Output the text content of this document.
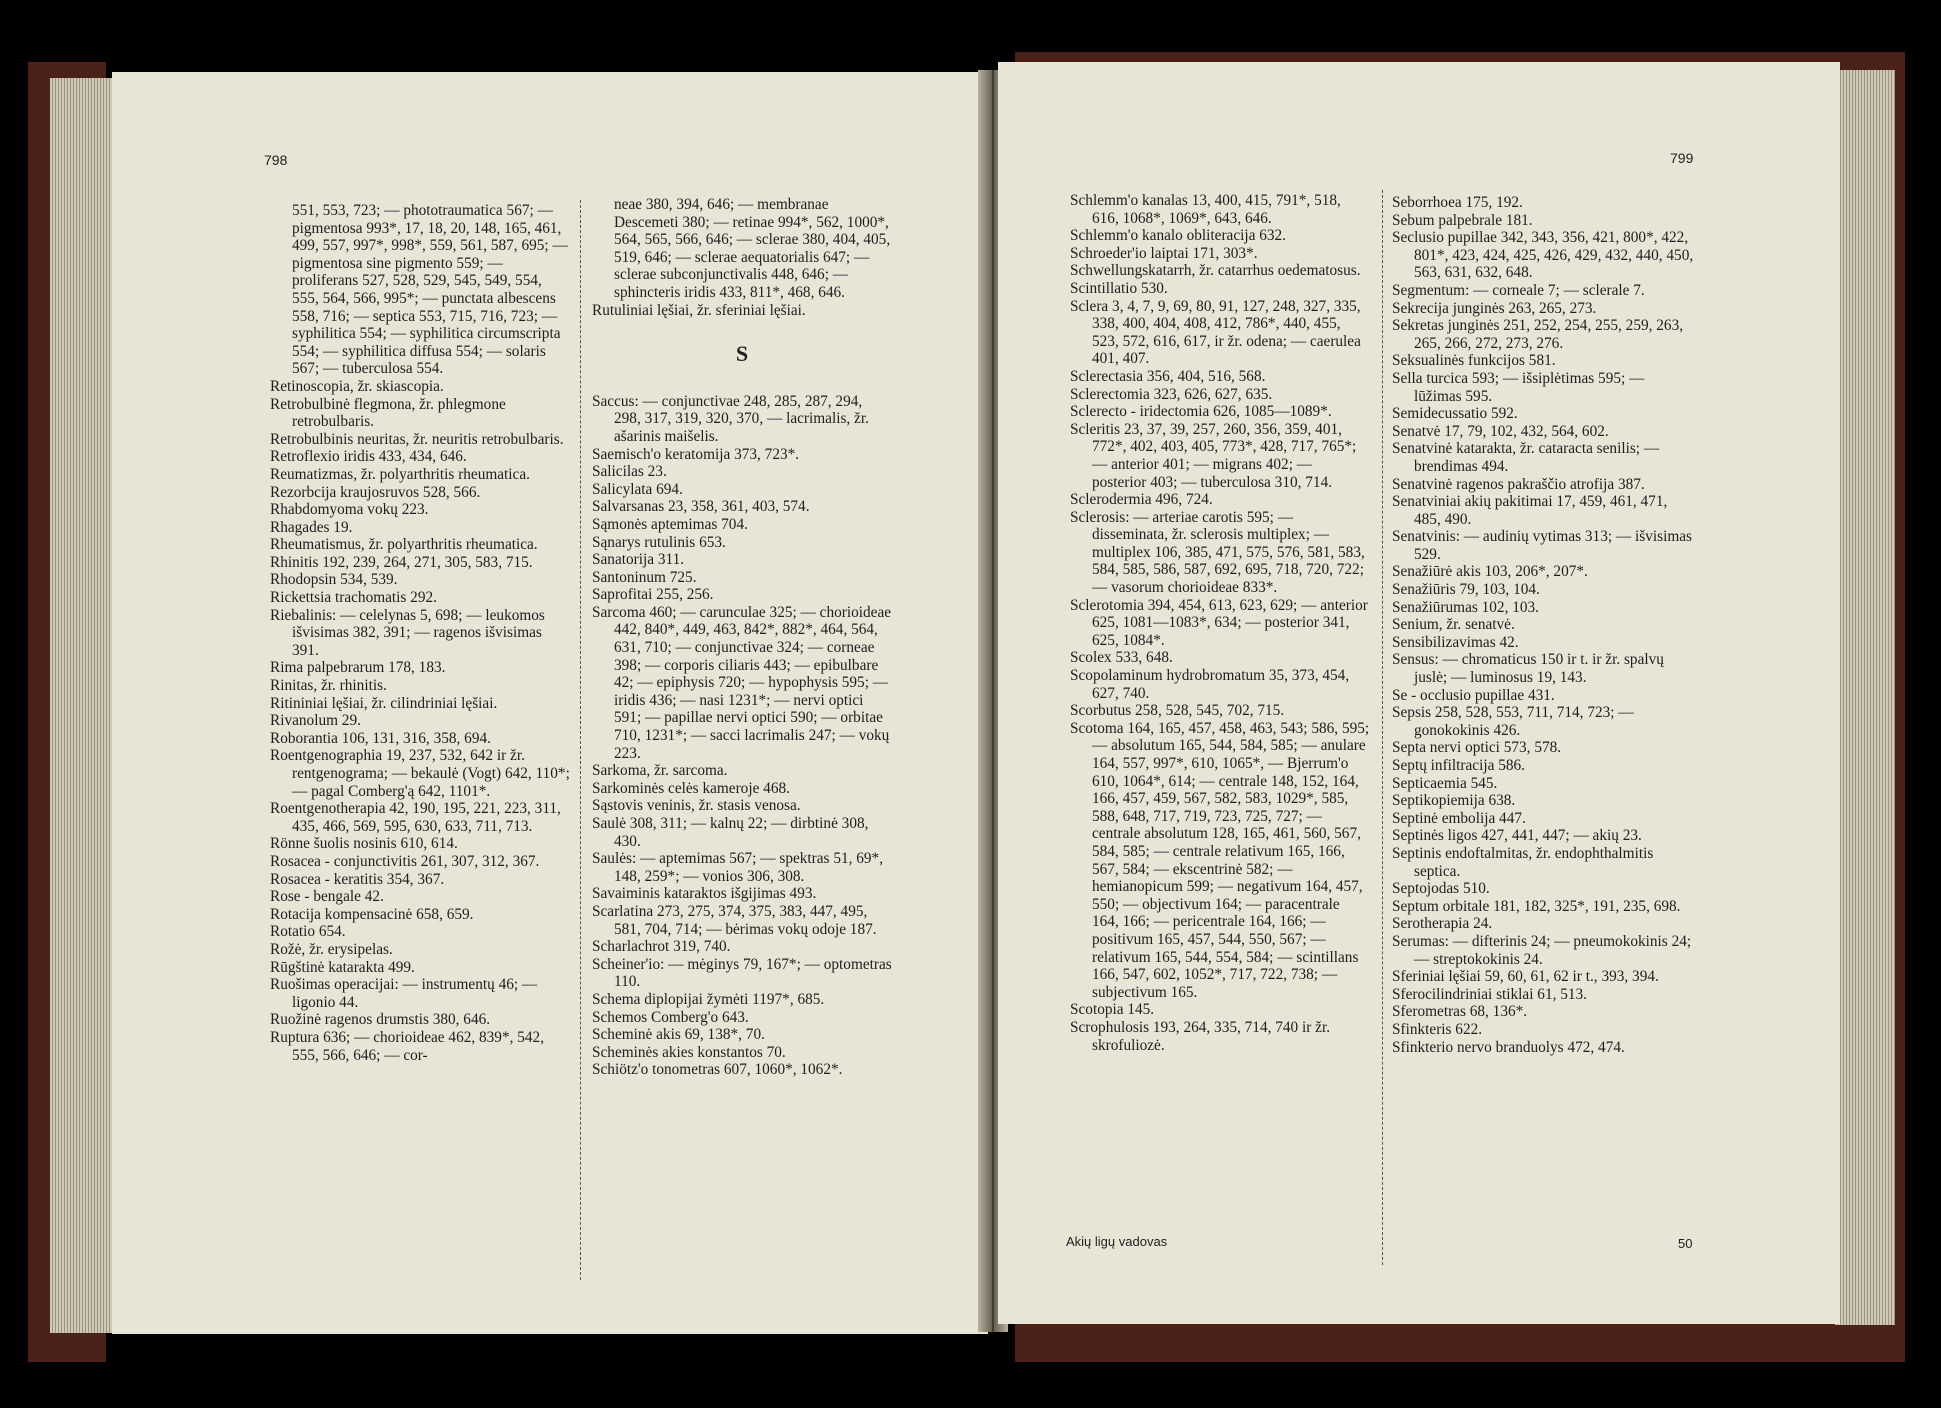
798

551, 553, 723; — phototraumatica 567; — pigmentosa 993*, 17, 18, 20, 148, 165, 461, 499, 557, 997*, 998*, 559, 561, 587, 695; — pigmentosa sine pigmento 559; — proliferans 527, 528, 529, 545, 549, 554, 555, 564, 566, 995*; — punctata albescens 558, 716; — septica 553, 715, 716, 723; — syphilitica 554; — syphilitica circumscripta 554; — syphilitica diffusa 554; — solaris 567; — tuberculosa 554.

Retinoscopia, žr. skiascopia.

Retrobulbinė flegmona, žr. phlegmone retrobulbaris.

Retrobulbinis neuritas, žr. neuritis retrobulbaris.

Retroflexio iridis 433, 434, 646.

Reumatizmas, žr. polyarthritis rheumatica.

Rezorbcija kraujosruvos 528, 566.

Rhabdomyoma vokų 223.

Rhagades 19.

Rheumatismus, žr. polyarthritis rheumatica.

Rhinitis 192, 239, 264, 271, 305, 583, 715.

Rhodopsin 534, 539.

Rickettsia trachomatis 292.

Riebalinis: — celelynas 5, 698; — leukomos išvisimas 382, 391; — ragenos išvisimas 391.

Rima palpebrarum 178, 183.

Rinitas, žr. rhinitis.

Ritininiai lęšiai, žr. cilindriniai lęšiai.

Rivanolum 29.

Roborantia 106, 131, 316, 358, 694.

Roentgenographia 19, 237, 532, 642 ir žr. rentgenograma; — bekaulė (Vogt) 642, 110*; — pagal Comberg'ą 642, 1101*.

Roentgenotherapia 42, 190, 195, 221, 223, 311, 435, 466, 569, 595, 630, 633, 711, 713.

Rönne šuolis nosinis 610, 614.

Rosacea - conjunctivitis 261, 307, 312, 367.

Rosacea - keratitis 354, 367.

Rose - bengale 42.

Rotacija kompensacinė 658, 659.

Rotatio 654.

Rožė, žr. erysipelas.

Rūgštinė katarakta 499.

Ruošimas operacijai: — instrumentų 46; — ligonio 44.

Ruožinė ragenos drumstis 380, 646.

Ruptura 636; — chorioideae 462, 839*, 542, 555, 566, 646; — cor-

neae 380, 394, 646; — membranae Descemeti 380; — retinae 994*, 562, 1000*, 564, 565, 566, 646; — sclerae 380, 404, 405, 519, 646; — sclerae aequatorialis 647; — sclerae subconjunctivalis 448, 646; — sphincteris iridis 433, 811*, 468, 646.

Rutuliniai lęšiai, žr. sferiniai lęšiai.

S

Saccus: — conjunctivae 248, 285, 287, 294, 298, 317, 319, 320, 370, — lacrimalis, žr. ašarinis maišelis.

Saemisch'o keratomija 373, 723*.

Salicilas 23.

Salicylata 694.

Salvarsanas 23, 358, 361, 403, 574.

Sąmonės aptemimas 704.

Sąnarys rutulinis 653.

Sanatorija 311.

Santoninum 725.

Saprofitai 255, 256.

Sarcoma 460; — carunculae 325; — chorioideae 442, 840*, 449, 463, 842*, 882*, 464, 564, 631, 710; — conjunctivae 324; — corneae 398; — corporis ciliaris 443; — epibulbare 42; — epiphysis 720; — hypophysis 595; — iridis 436; — nasi 1231*; — nervi optici 591; — papillae nervi optici 590; — orbitae 710, 1231*; — sacci lacrimalis 247; — vokų 223.

Sarkoma, žr. sarcoma.

Sarkominės celės kameroje 468.

Sąstovis veninis, žr. stasis venosa.

Saulė 308, 311; — kalnų 22; — dirbtinė 308, 430.

Saulės: — aptemimas 567; — spektras 51, 69*, 148, 259*; — vonios 306, 308.

Savaiminis kataraktos išgijimas 493.

Scarlatina 273, 275, 374, 375, 383, 447, 495, 581, 704, 714; — bėrimas vokų odoje 187.

Scharlachrot 319, 740.

Scheiner'io: — mėginys 79, 167*; — optometras 110.

Schema diplopijai žymėti 1197*, 685.

Schemos Comberg'o 643.

Scheminė akis 69, 138*, 70.

Scheminės akies konstantos 70.

Schiötz'o tonometras 607, 1060*, 1062*.

799

Schlemm'o kanalas 13, 400, 415, 791*, 518, 616, 1068*, 1069*, 643, 646.

Schlemm'o kanalo obliteracija 632.

Schroeder'io laiptai 171, 303*.

Schwellungskatarrh, žr. catarrhus oedematosus.

Scintillatio 530.

Sclera 3, 4, 7, 9, 69, 80, 91, 127, 248, 327, 335, 338, 400, 404, 408, 412, 786*, 440, 455, 523, 572, 616, 617, ir žr. odena; — caerulea 401, 407.

Sclerectasia 356, 404, 516, 568.

Sclerectomia 323, 626, 627, 635.

Sclerecto - iridectomia 626, 1085—1089*.

Scleritis 23, 37, 39, 257, 260, 356, 359, 401, 772*, 402, 403, 405, 773*, 428, 717, 765*; — anterior 401; — migrans 402; — posterior 403; — tuberculosa 310, 714.

Sclerodermia 496, 724.

Sclerosis: — arteriae carotis 595; — disseminata, žr. sclerosis multiplex; — multiplex 106, 385, 471, 575, 576, 581, 583, 584, 585, 586, 587, 692, 695, 718, 720, 722; — vasorum chorioideae 833*.

Sclerotomia 394, 454, 613, 623, 629; — anterior 625, 1081—1083*, 634; — posterior 341, 625, 1084*.

Scolex 533, 648.

Scopolaminum hydrobromatum 35, 373, 454, 627, 740.

Scorbutus 258, 528, 545, 702, 715.

Scotoma 164, 165, 457, 458, 463, 543; 586, 595; — absolutum 165, 544, 584, 585; — anulare 164, 557, 997*, 610, 1065*, — Bjerrum'o 610, 1064*, 614; — centrale 148, 152, 164, 166, 457, 459, 567, 582, 583, 1029*, 585, 588, 648, 717, 719, 723, 725, 727; — centrale absolutum 128, 165, 461, 560, 567, 584, 585; — centrale relativum 165, 166, 567, 584; — ekscentrinė 582; — hemianopicum 599; — negativum 164, 457, 550; — objectivum 164; — paracentrale 164, 166; — pericentrale 164, 166; — positivum 165, 457, 544, 550, 567; — relativum 165, 544, 554, 584; — scintillans 166, 547, 602, 1052*, 717, 722, 738; — subjectivum 165.

Scotopia 145.

Scrophulosis 193, 264, 335, 714, 740 ir žr. skrofuliozė.

Seborrhoea 175, 192.

Sebum palpebrale 181.

Seclusio pupillae 342, 343, 356, 421, 800*, 422, 801*, 423, 424, 425, 426, 429, 432, 440, 450, 563, 631, 632, 648.

Segmentum: — corneale 7; — sclerale 7.

Sekrecija junginės 263, 265, 273.

Sekretas junginės 251, 252, 254, 255, 259, 263, 265, 266, 272, 273, 276.

Seksualinės funkcijos 581.

Sella turcica 593; — išsiplėtimas 595; — lūžimas 595.

Semidecussatio 592.

Senatvė 17, 79, 102, 432, 564, 602.

Senatvinė katarakta, žr. cataracta senilis; — brendimas 494.

Senatvinė ragenos pakraščio atrofija 387.

Senatviniai akių pakitimai 17, 459, 461, 471, 485, 490.

Senatvinis: — audinių vytimas 313; — išvisimas 529.

Senažiūrė akis 103, 206*, 207*.

Senažiūris 79, 103, 104.

Senažiūrumas 102, 103.

Senium, žr. senatvė.

Sensibilizavimas 42.

Sensus: — chromaticus 150 ir t. ir žr. spalvų juslė; — luminosus 19, 143.

Se - occlusio pupillae 431.

Sepsis 258, 528, 553, 711, 714, 723; — gonokokinis 426.

Septa nervi optici 573, 578.

Septų infiltracija 586.

Septicaemia 545.

Septikopiemija 638.

Septinė embolija 447.

Septinės ligos 427, 441, 447; — akių 23.

Septinis endoftalmitas, žr. endophthalmitis septica.

Septojodas 510.

Septum orbitale 181, 182, 325*, 191, 235, 698.

Serotherapia 24.

Serumas: — difterinis 24; — pneumokokinis 24; — streptokokinis 24.

Sferiniai lęšiai 59, 60, 61, 62 ir t., 393, 394.

Sferocilindriniai stiklai 61, 513.

Sferometras 68, 136*.

Sfinkteris 622.

Sfinkterio nervo branduolys 472, 474.

Akių ligų vadovas	50
